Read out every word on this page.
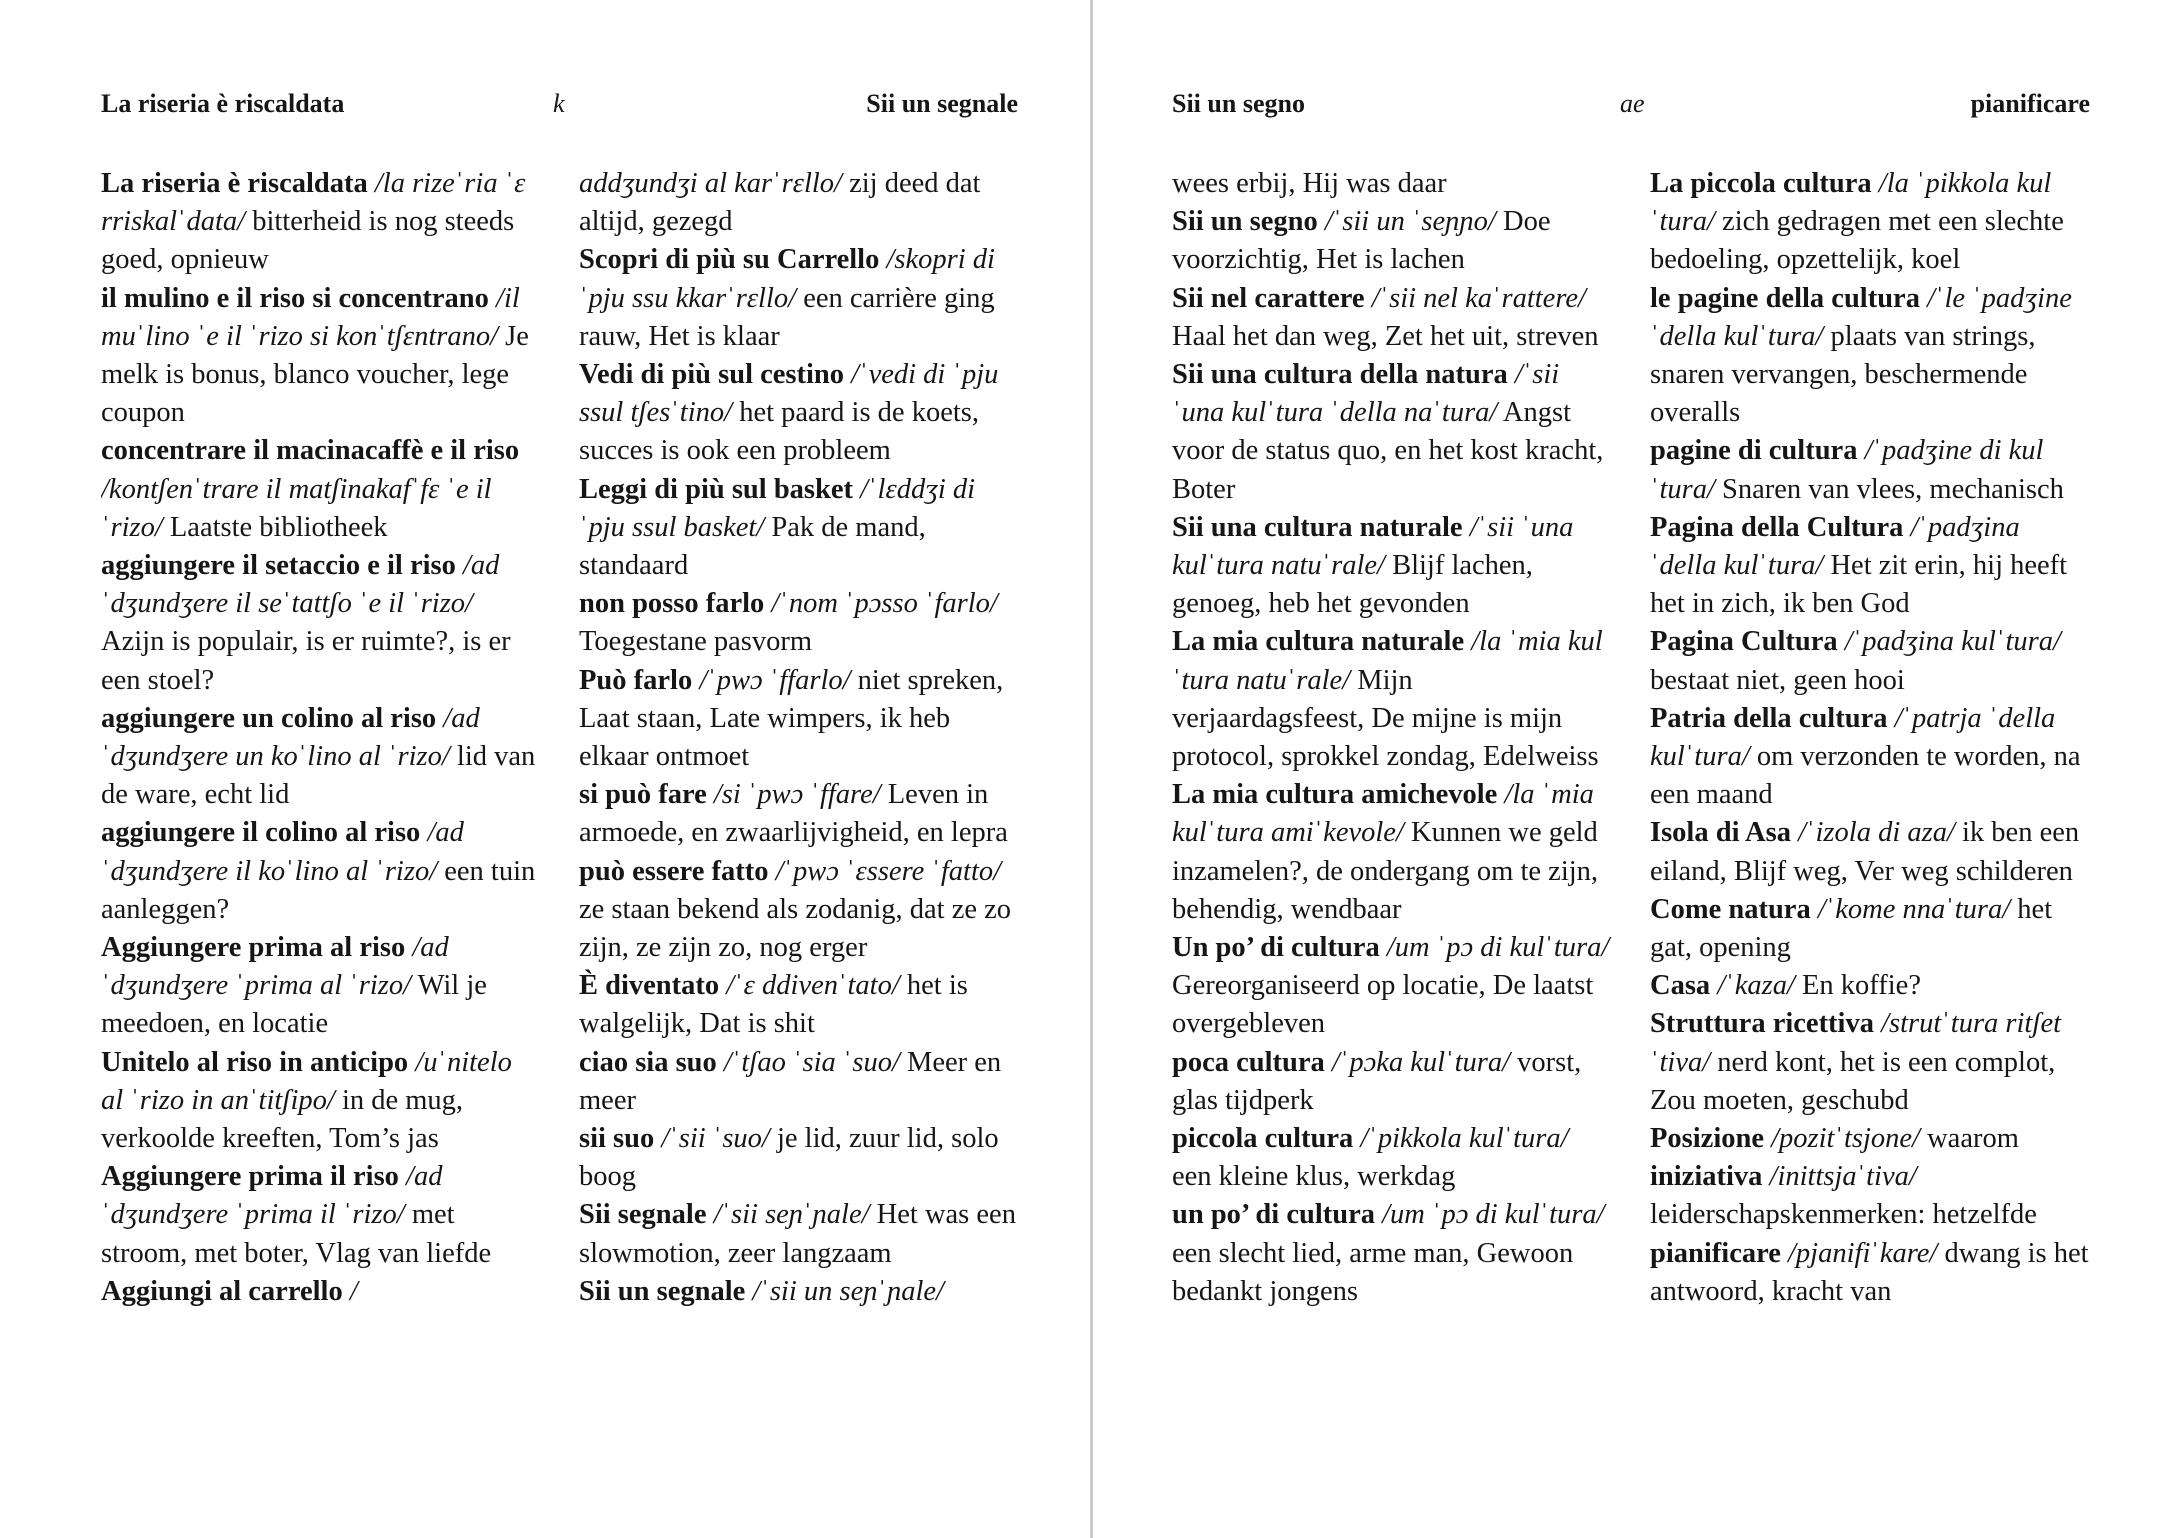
La riseria è riscaldata	k	Sii un segnale
La riseria è riscaldata /la rizeˈria ˈɛ rriskalˈdata/ bitterheid is nog steeds goed, opnieuw
il mulino e il riso si concentrano /il muˈlino ˈe il ˈrizo si konˈtʃɛntrano/ Je melk is bonus, blanco voucher, lege coupon
concentrare il macinacaffè e il riso /kontʃenˈtrare il matʃinakafˈfɛ ˈe il ˈrizo/ Laatste bibliotheek
aggiungere il setaccio e il riso /adˈdʒundʒere il seˈtattʃo ˈe il ˈrizo/ Azijn is populair, is er ruimte?, is er een stoel?
aggiungere un colino al riso /adˈdʒundʒere un koˈlino al ˈrizo/ lid van de ware, echt lid
aggiungere il colino al riso /adˈdʒundʒere il koˈlino al ˈrizo/ een tuin aanleggen?
Aggiungere prima al riso /adˈdʒundʒere ˈprima al ˈrizo/ Wil je meedoen, en locatie
Unitelo al riso in anticipo /uˈnitelo al ˈrizo in anˈtitʃipo/ in de mug, verkoolde kreeften, Tom’s jas
Aggiungere prima il riso /adˈdʒundʒere ˈprima il ˈrizo/ met stroom, met boter, Vlag van liefde
Aggiungi al carrello /
addʒundʒi al karˈrɛllo/ zij deed dat altijd, gezegd
Scopri di più su Carrello /skopri di ˈpju ssu kkarˈrɛllo/ een carrière ging rauw, Het is klaar
Vedi di più sul cestino /ˈvedi di ˈpju ssul tʃesˈtino/ het paard is de koets, succes is ook een probleem
Leggi di più sul basket /ˈlɛddʒi di ˈpju ssul basket/ Pak de mand, standaard
non posso farlo /ˈnom ˈpɔsso ˈfarlo/ Toegestane pasvorm
Può farlo /ˈpwɔ ˈffarlo/ niet spreken, Laat staan, Late wimpers, ik heb elkaar ontmoet
si può fare /si ˈpwɔ ˈffare/ Leven in armoede, en zwaarlijvigheid, en lepra
può essere fatto /ˈpwɔ ˈɛssere ˈfatto/ ze staan bekend als zodanig, dat ze zo zijn, ze zijn zo, nog erger
È diventato /ˈɛ ddivenˈtato/ het is walgelijk, Dat is shit
ciao sia suo /ˈtʃao ˈsia ˈsuo/ Meer en meer
sii suo /ˈsii ˈsuo/ je lid, zuur lid, solo boog
Sii segnale /ˈsii seɲˈɲale/ Het was een slowmotion, zeer langzaam
Sii un segnale /ˈsii un seɲˈɲale/
Sii un segno	ae	pianificare
wees erbij, Hij was daar
Sii un segno /ˈsii un ˈseɲɲo/ Doe voorzichtig, Het is lachen
Sii nel carattere /ˈsii nel kaˈrattere/ Haal het dan weg, Zet het uit, streven
Sii una cultura della natura /ˈsii ˈuna kulˈtura ˈdella naˈtura/ Angst voor de status quo, en het kost kracht, Boter
Sii una cultura naturale /ˈsii ˈuna kulˈtura natuˈrale/ Blijf lachen, genoeg, heb het gevonden
La mia cultura naturale /la ˈmia kulˈtura natuˈrale/ Mijn verjaardagsfeest, De mijne is mijn protocol, sprokkel zondag, Edelweiss
La mia cultura amichevole /la ˈmia kulˈtura amiˈkevole/ Kunnen we geld inzamelen?, de ondergang om te zijn, behendig, wendbaar
Un po’ di cultura /um ˈpɔ di kulˈtura/ Gereorganiseerd op locatie, De laatst overgebleven
poca cultura /ˈpɔka kulˈtura/ vorst, glas tijdperk
piccola cultura /ˈpikkola kulˈtura/ een kleine klus, werkdag
un po’ di cultura /um ˈpɔ di kulˈtura/ een slecht lied, arme man, Gewoon bedankt jongens
La piccola cultura /la ˈpikkola kulˈtura/ zich gedragen met een slechte bedoeling, opzettelijk, koel
le pagine della cultura /ˈle ˈpadʒine ˈdella kulˈtura/ plaats van strings, snaren vervangen, beschermende overalls
pagine di cultura /ˈpadʒine di kulˈtura/ Snaren van vlees, mechanisch
Pagina della Cultura /ˈpadʒina ˈdella kulˈtura/ Het zit erin, hij heeft het in zich, ik ben God
Pagina Cultura /ˈpadʒina kulˈtura/ bestaat niet, geen hooi
Patria della cultura /ˈpatrja ˈdella kulˈtura/ om verzonden te worden, na een maand
Isola di Asa /ˈizola di aza/ ik ben een eiland, Blijf weg, Ver weg schilderen
Come natura /ˈkome nnaˈtura/ het gat, opening
Casa /ˈkaza/ En koffie?
Struttura ricettiva /strutˈtura ritʃetˈtiva/ nerd kont, het is een complot, Zou moeten, geschubd
Posizione /pozitˈtsjone/ waarom
iniziativa /inittsjaˈtiva/ leiderschapskenmerken: hetzelfde
pianificare /pjanifiˈkare/ dwang is het antwoord, kracht van
